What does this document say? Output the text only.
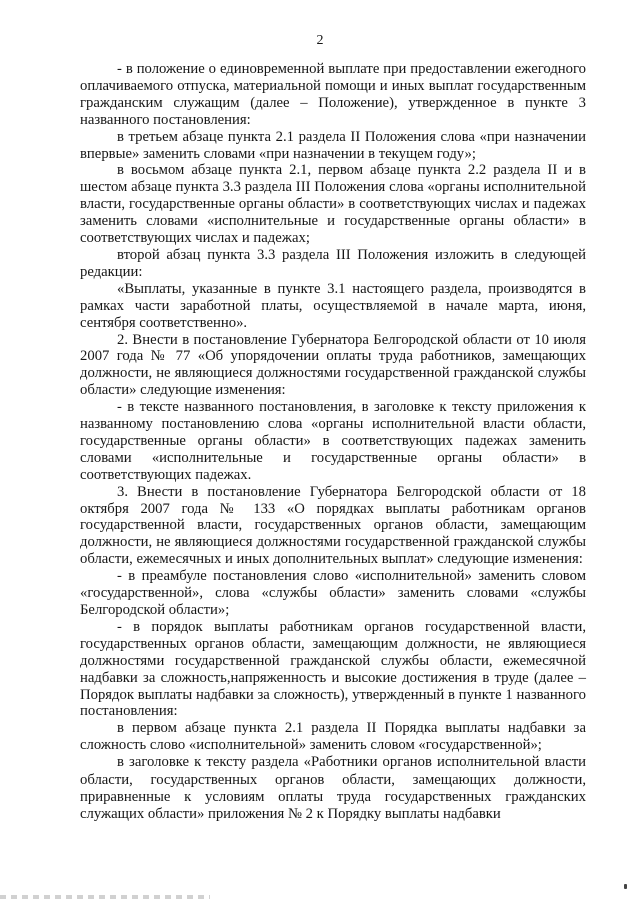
2

- в положение о единовременной выплате при предоставлении ежегодного оплачиваемого отпуска, материальной помощи и иных выплат государственным гражданским служащим (далее – Положение), утвержденное в пункте 3 названного постановления:

в третьем абзаце пункта 2.1 раздела II Положения слова «при назначении впервые» заменить словами «при назначении в текущем году»;

в восьмом абзаце пункта 2.1, первом абзаце пункта 2.2 раздела II и в шестом абзаце пункта 3.3 раздела III Положения слова «органы исполнительной власти, государственные органы области» в соответствующих числах и падежах заменить словами «исполнительные и государственные органы области» в соответствующих числах и падежах;

второй абзац пункта 3.3 раздела III Положения изложить в следующей редакции:

«Выплаты, указанные в пункте 3.1 настоящего раздела, производятся в рамках части заработной платы, осуществляемой в начале марта, июня, сентября соответственно».

2. Внести в постановление Губернатора Белгородской области от 10 июля 2007 года № 77 «Об упорядочении оплаты труда работников, замещающих должности, не являющиеся должностями государственной гражданской службы области» следующие изменения:

- в тексте названного постановления, в заголовке к тексту приложения к названному постановлению слова «органы исполнительной власти области, государственные органы области» в соответствующих падежах заменить словами «исполнительные и государственные органы области» в соответствующих падежах.

3. Внести в постановление Губернатора Белгородской области от 18 октября 2007 года № 133 «О порядках выплаты работникам органов государственной власти, государственных органов области, замещающим должности, не являющиеся должностями государственной гражданской службы области, ежемесячных и иных дополнительных выплат» следующие изменения:

- в преамбуле постановления слово «исполнительной» заменить словом «государственной», слова «службы области» заменить словами «службы Белгородской области»;

- в порядок выплаты работникам органов государственной власти, государственных органов области, замещающим должности, не являющиеся должностями государственной гражданской службы области, ежемесячной надбавки за сложность,напряженность и высокие достижения в труде (далее – Порядок выплаты надбавки за сложность), утвержденный в пункте 1 названного постановления:

в первом абзаце пункта 2.1 раздела II Порядка выплаты надбавки за сложность слово «исполнительной» заменить словом «государственной»;

в заголовке к тексту раздела «Работники органов исполнительной власти области, государственных органов области, замещающих должности, приравненные к условиям оплаты труда государственных гражданских служащих области» приложения № 2 к Порядку выплаты надбавки
